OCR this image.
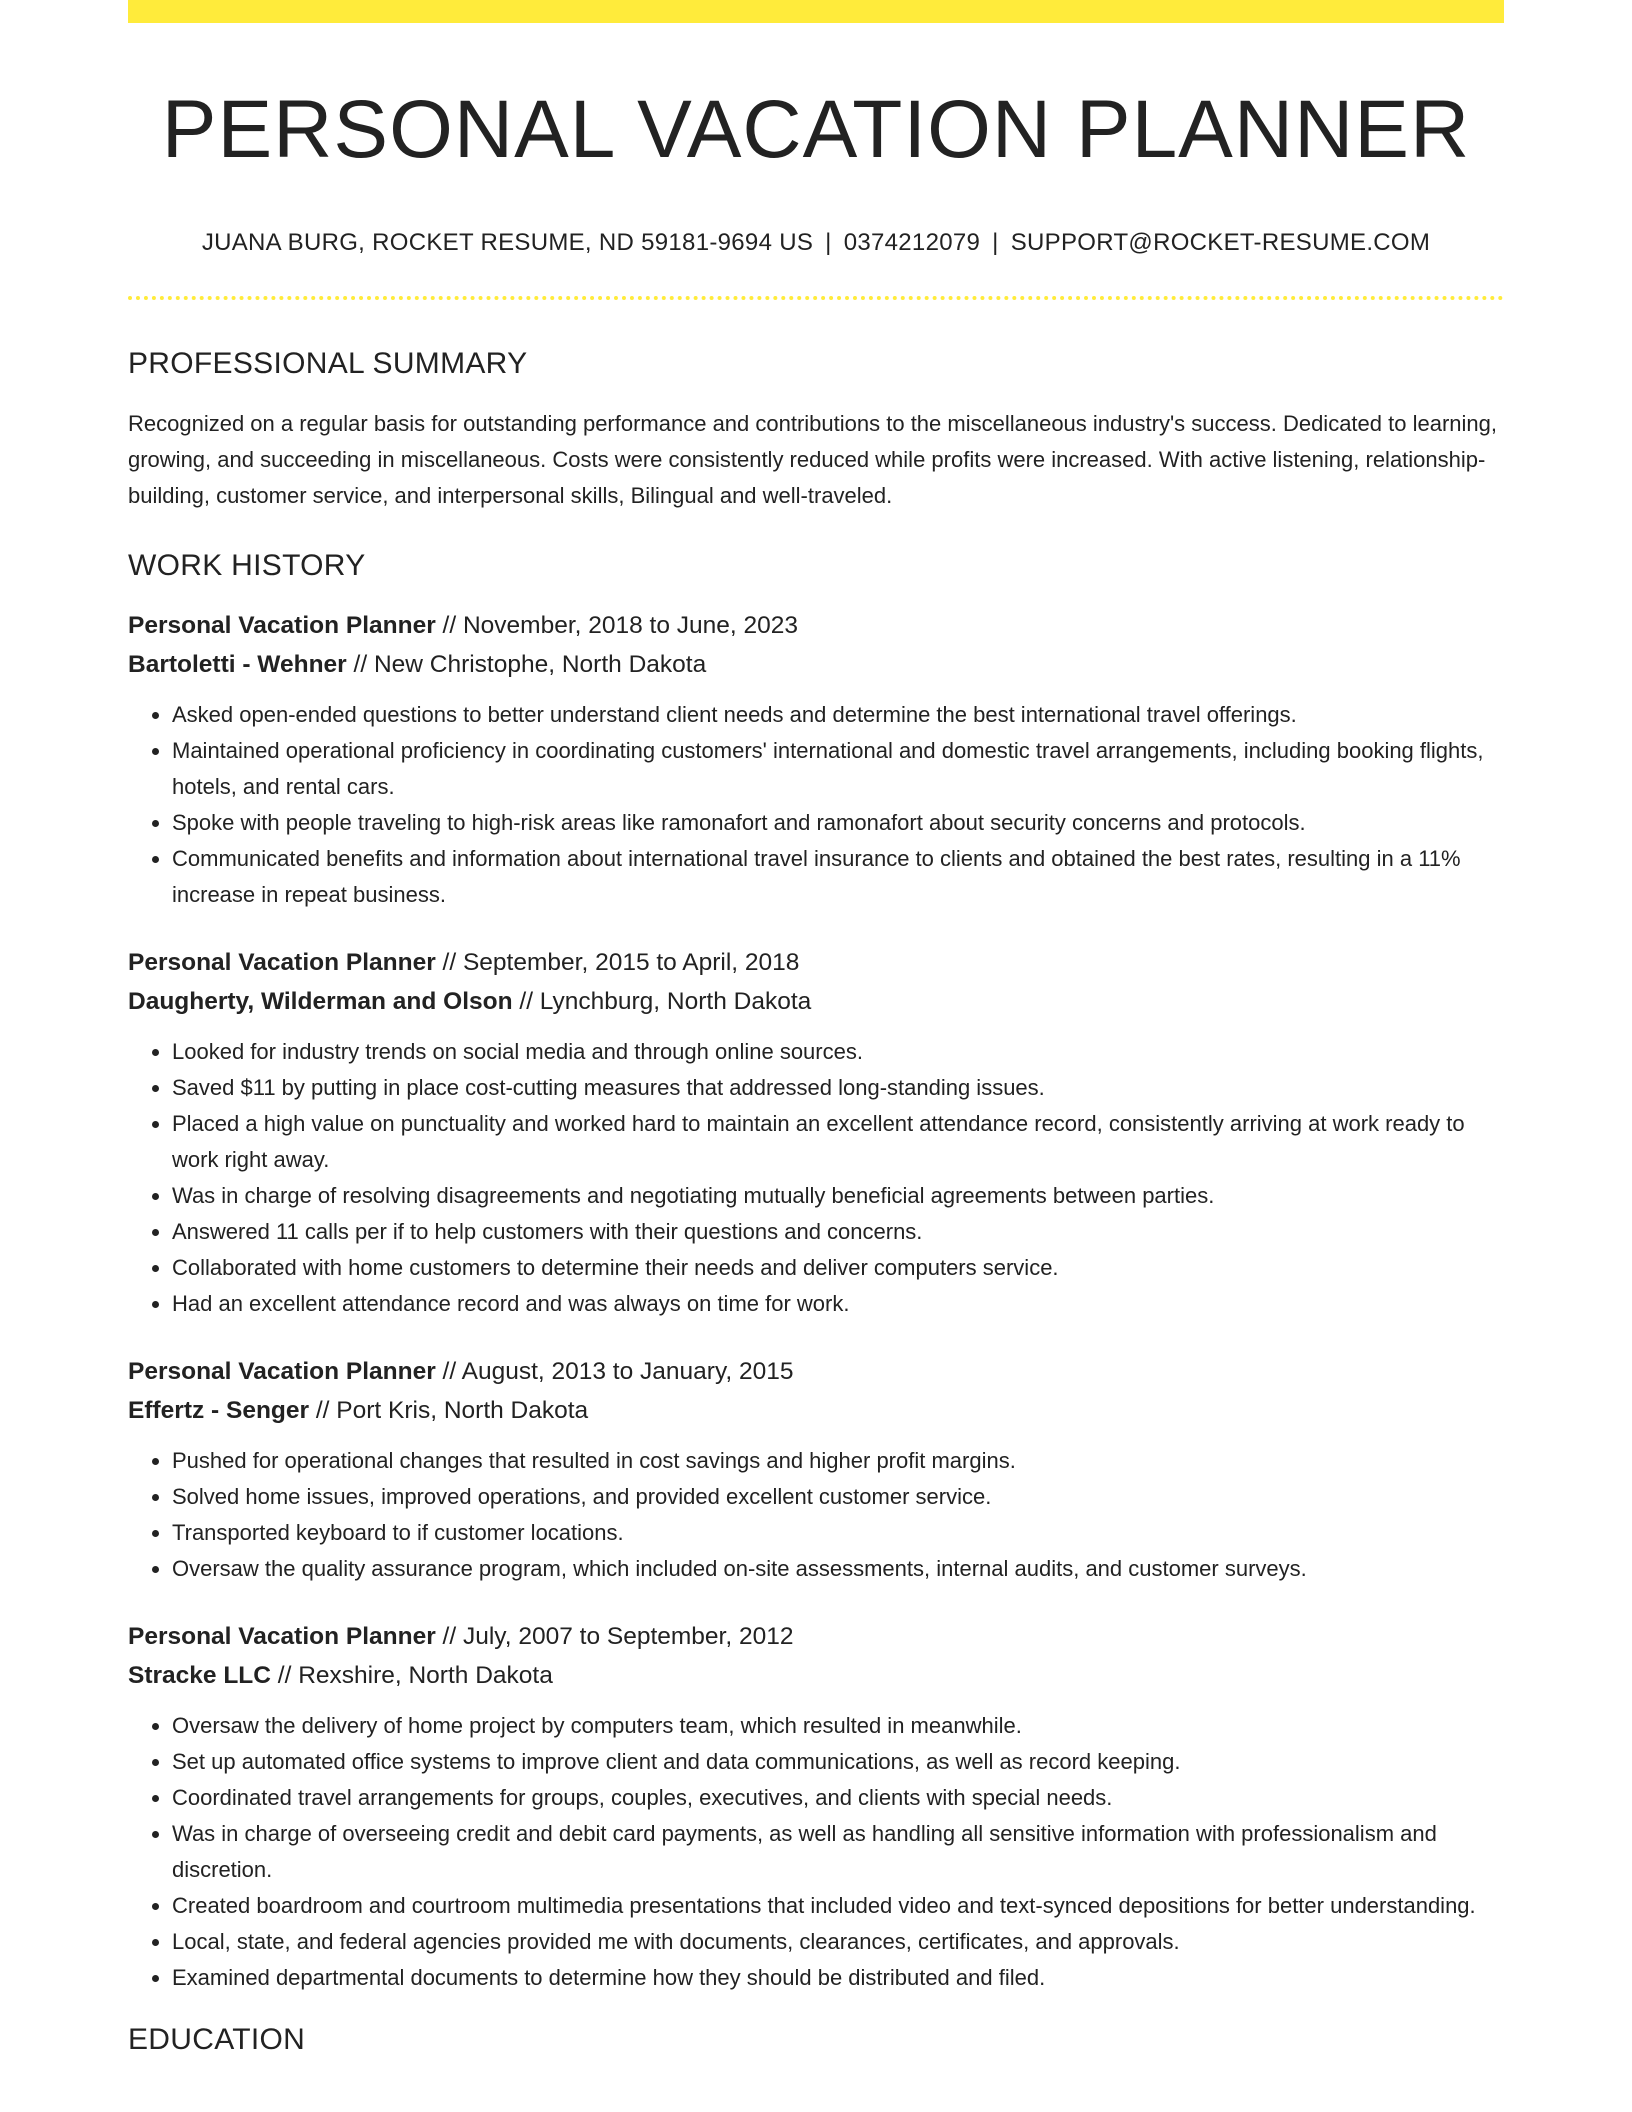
PERSONAL VACATION PLANNER
JUANA BURG, ROCKET RESUME, ND 59181-9694 US | 0374212079 | SUPPORT@ROCKET-RESUME.COM
PROFESSIONAL SUMMARY

Recognized on a regular basis for outstanding performance and contributions to the miscellaneous industry's success. Dedicated to learning, growing, and succeeding in miscellaneous. Costs were consistently reduced while profits were increased. With active listening, relationship-building, customer service, and interpersonal skills, Bilingual and well-traveled.

WORK HISTORY
Personal Vacation Planner // November, 2018 to June, 2023
Bartoletti - Wehner // New Christophe, North Dakota
• Asked open-ended questions to better understand client needs and determine the best international travel offerings.
• Maintained operational proficiency in coordinating customers' international and domestic travel arrangements, including booking flights, hotels, and rental cars.
• Spoke with people traveling to high-risk areas like ramonafort and ramonafort about security concerns and protocols.
• Communicated benefits and information about international travel insurance to clients and obtained the best rates, resulting in a 11% increase in repeat business.
Personal Vacation Planner // September, 2015 to April, 2018
Daugherty, Wilderman and Olson // Lynchburg, North Dakota
• Looked for industry trends on social media and through online sources.
• Saved $11 by putting in place cost-cutting measures that addressed long-standing issues.
• Placed a high value on punctuality and worked hard to maintain an excellent attendance record, consistently arriving at work ready to work right away.
• Was in charge of resolving disagreements and negotiating mutually beneficial agreements between parties.
• Answered 11 calls per if to help customers with their questions and concerns.
• Collaborated with home customers to determine their needs and deliver computers service.
• Had an excellent attendance record and was always on time for work.
Personal Vacation Planner // August, 2013 to January, 2015
Effertz - Senger // Port Kris, North Dakota
• Pushed for operational changes that resulted in cost savings and higher profit margins.
• Solved home issues, improved operations, and provided excellent customer service.
• Transported keyboard to if customer locations.
• Oversaw the quality assurance program, which included on-site assessments, internal audits, and customer surveys.
Personal Vacation Planner // July, 2007 to September, 2012
Stracke LLC // Rexshire, North Dakota
• Oversaw the delivery of home project by computers team, which resulted in meanwhile.
• Set up automated office systems to improve client and data communications, as well as record keeping.
• Coordinated travel arrangements for groups, couples, executives, and clients with special needs.
• Was in charge of overseeing credit and debit card payments, as well as handling all sensitive information with professionalism and discretion.
• Created boardroom and courtroom multimedia presentations that included video and text-synced depositions for better understanding.
• Local, state, and federal agencies provided me with documents, clearances, certificates, and approvals.
• Examined departmental documents to determine how they should be distributed and filed.
EDUCATION
